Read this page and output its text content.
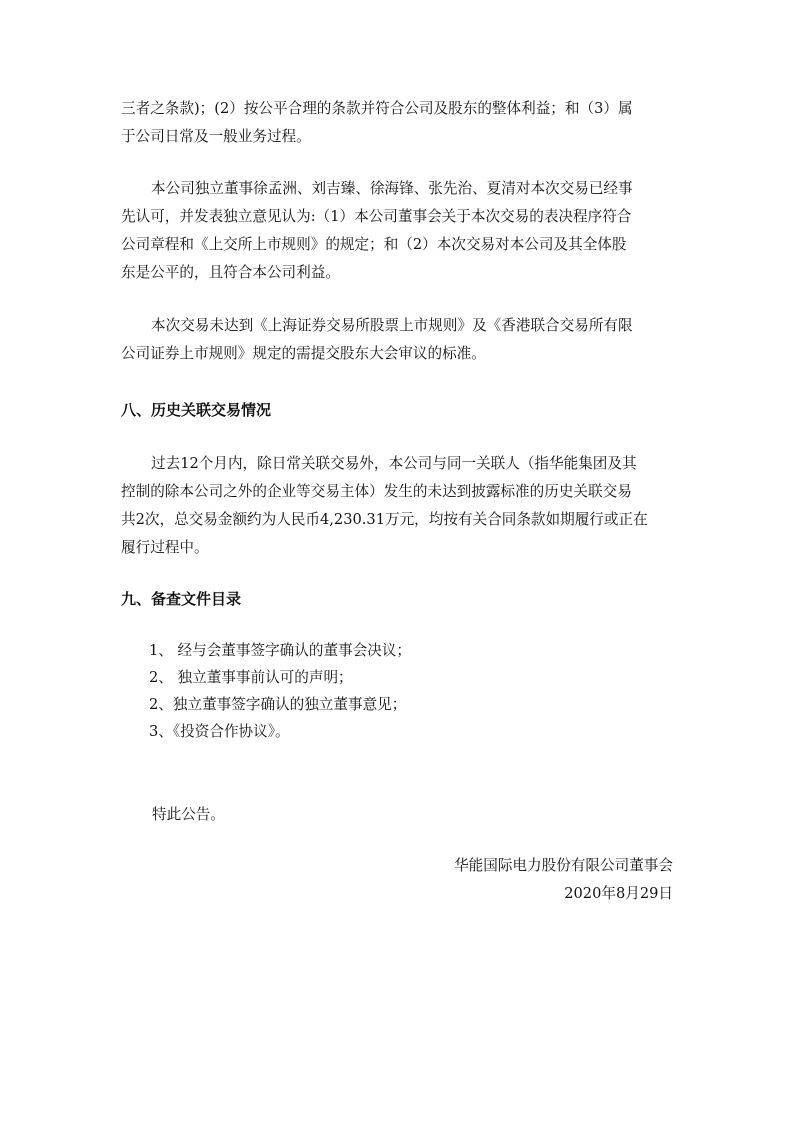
三者之条款)；(2）按公平合理的条款并符合公司及股东的整体利益；和（3）属

于公司日常及一般业务过程。

本公司独立董事徐孟洲、刘吉臻、徐海锋、张先治、夏清对本次交易已经事

先认可，并发表独立意见认为:（1）本公司董事会关于本次交易的表决程序符合

公司章程和《上交所上市规则》的规定；和（2）本次交易对本公司及其全体股

东是公平的，且符合本公司利益。

本次交易未达到《上海证券交易所股票上市规则》及《香港联合交易所有限

公司证券上市规则》规定的需提交股东大会审议的标准。

八、历史关联交易情况

过去12个月内，除日常关联交易外，本公司与同一关联人（指华能集团及其

控制的除本公司之外的企业等交易主体）发生的未达到披露标准的历史关联交易

共2次，总交易金额约为人民币4,230.31万元，均按有关合同条款如期履行或正在

履行过程中。

九、备查文件目录

1、 经与会董事签字确认的董事会决议；

2、 独立董事事前认可的声明；

2、独立董事签字确认的独立董事意见；

3、《投资合作协议》。

特此公告。

华能国际电力股份有限公司董事会

2020年8月29日
